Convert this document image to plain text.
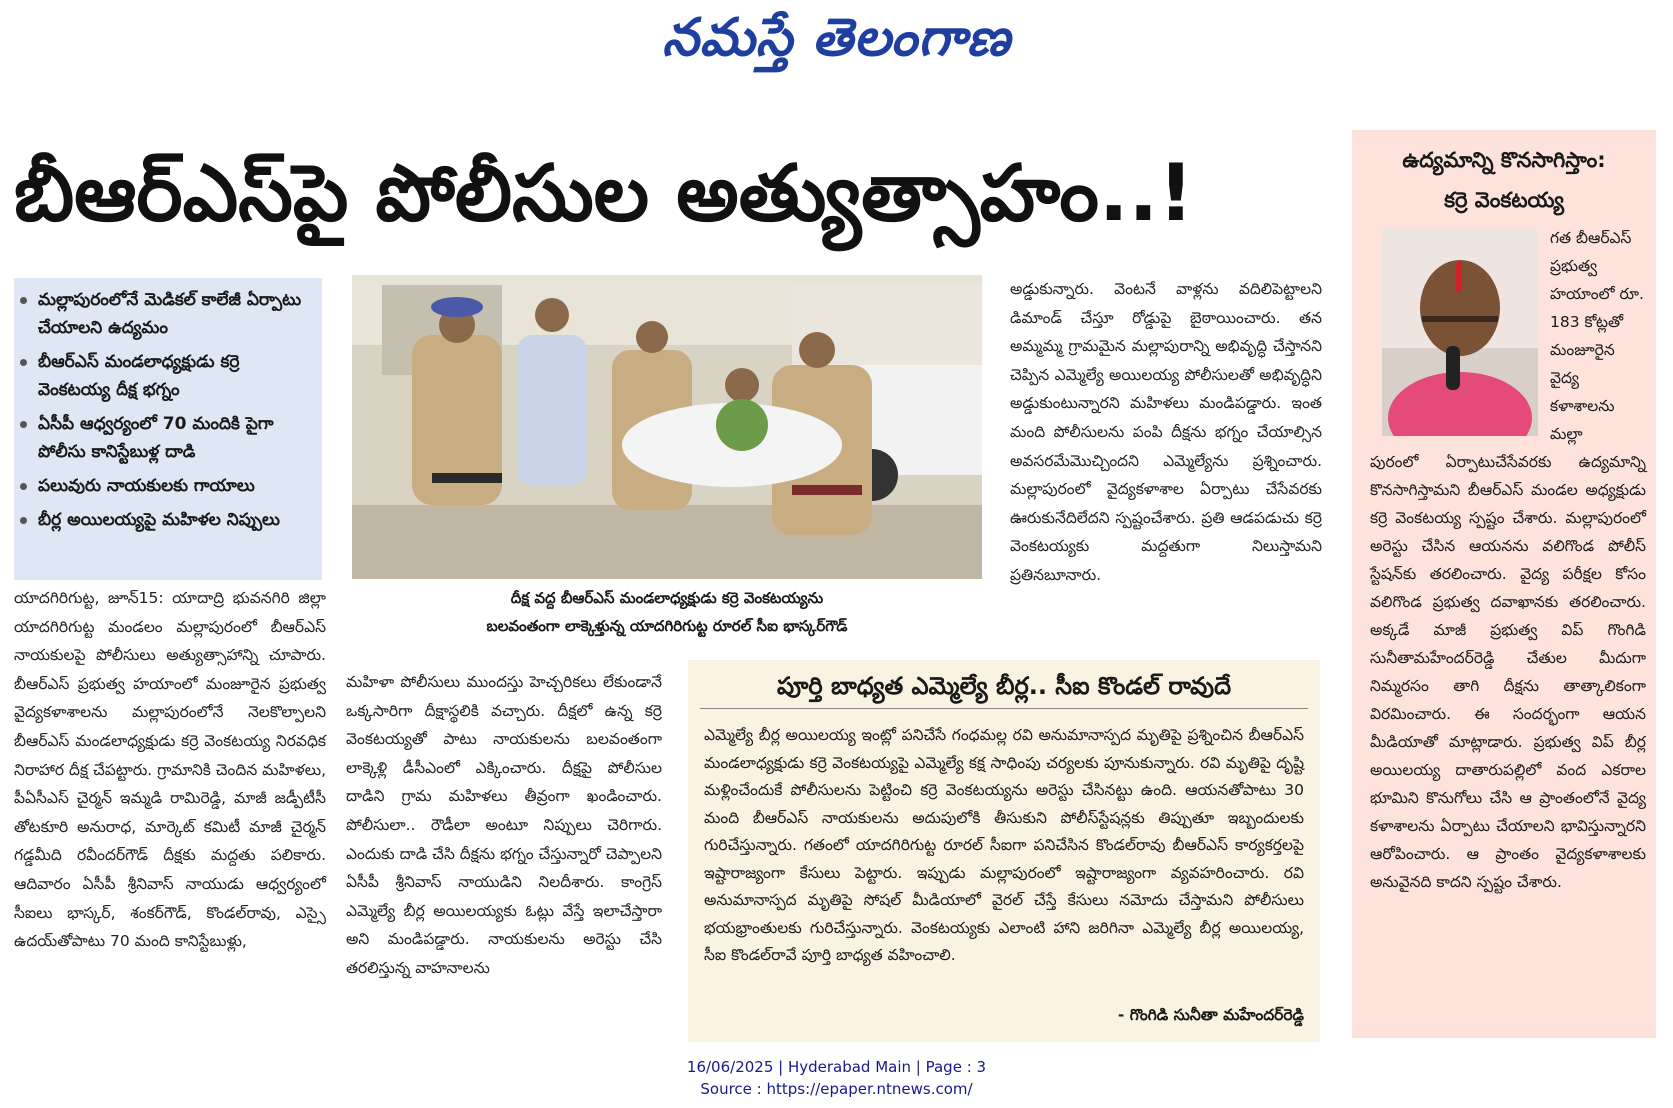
నమస్తే తెలంగాణ
బీఆర్ఎస్‌పై పోలీసుల అత్యుత్సాహం..!
మల్లాపురంలోనే మెడికల్ కాలేజీ ఏర్పాటు చేయాలని ఉద్యమం
బీఆర్ఎస్ మండలాధ్యక్షుడు కర్రె వెంకటయ్య దీక్ష భగ్నం
ఏసీపీ ఆధ్వర్యంలో 70 మందికి పైగా పోలీసు కానిస్టేబుళ్ల దాడి
పలువురు నాయకులకు గాయాలు
బీర్ల అయిలయ్యపై మహిళల నిప్పులు
దీక్ష వద్ద బీఆర్ఎస్ మండలాధ్యక్షుడు కర్రె వెంకటయ్యను
బలవంతంగా లాక్కెళ్తున్న యాదగిరిగుట్ట రూరల్ సీఐ భాస్కర్‌గౌడ్
యాదగిరిగుట్ట, జూన్15: యాదాద్రి భువనగిరి జిల్లా యాదగిరిగుట్ట మండలం మల్లాపురంలో బీఆర్ఎస్ నాయకులపై పోలీసులు అత్యుత్సాహాన్ని చూపారు. బీఆర్ఎస్ ప్రభుత్వ హయాంలో మంజూరైన ప్రభుత్వ వైద్యకళాశాలను మల్లాపురంలోనే నెలకొల్పాలని బీఆర్ఎస్ మండలాధ్యక్షుడు కర్రె వెంకటయ్య నిరవధిక నిరాహార దీక్ష చేపట్టారు. గ్రామానికి చెందిన మహిళలు, పీఏసీఎస్ చైర్మన్ ఇమ్మడి రామిరెడ్డి, మాజీ జడ్పీటీసీ తోటకూరి అనురాధ, మార్కెట్ కమిటీ మాజీ చైర్మన్ గడ్డమీది రవీందర్‌గౌడ్ దీక్షకు మద్దతు పలికారు. ఆదివారం ఏసీపీ శ్రీనివాస్ నాయుడు ఆధ్వర్యంలో సీఐలు భాస్కర్, శంకర్‌గౌడ్, కొండల్‌రావు, ఎస్సై ఉదయ్‌తోపాటు 70 మంది కానిస్టేబుళ్లు,
మహిళా పోలీసులు ముందస్తు హెచ్చరికలు లేకుండానే ఒక్కసారిగా దీక్షాస్థలికి వచ్చారు. దీక్షలో ఉన్న కర్రె వెంకటయ్యతో పాటు నాయకులను బలవంతంగా లాక్కెళ్లి డీసీఎంలో ఎక్కించారు. దీక్షపై పోలీసుల దాడిని గ్రామ మహిళలు తీవ్రంగా ఖండించారు. పోలీసులా.. రౌడీలా అంటూ నిప్పులు చెరిగారు. ఎందుకు దాడి చేసి దీక్షను భగ్నం చేస్తున్నారో చెప్పాలని ఏసీపీ శ్రీనివాస్ నాయుడిని నిలదీశారు. కాంగ్రెస్ ఎమ్మెల్యే బీర్ల అయిలయ్యకు ఓట్లు వేస్తే ఇలాచేస్తారా అని మండిపడ్డారు. నాయకులను అరెస్టు చేసి తరలిస్తున్న వాహనాలను
అడ్డుకున్నారు. వెంటనే వాళ్లను వదిలిపెట్టాలని డిమాండ్ చేస్తూ రోడ్డుపై బైఠాయించారు. తన అమ్మమ్మ గ్రామమైన మల్లాపురాన్ని అభివృద్ధి చేస్తానని చెప్పిన ఎమ్మెల్యే అయిలయ్య పోలీసులతో అభివృద్ధిని అడ్డుకుంటున్నారని మహిళలు మండిపడ్డారు. ఇంత మంది పోలీసులను పంపి దీక్షను భగ్నం చేయాల్సిన అవసరమేమొచ్చిందని ఎమ్మెల్యేను ప్రశ్నించారు. మల్లాపురంలో వైద్యకళాశాల ఏర్పాటు చేసేవరకు ఊరుకునేదిలేదని స్పష్టంచేశారు. ప్రతి ఆడపడుచు కర్రె వెంకటయ్యకు మద్దతుగా నిలుస్తామని ప్రతినబూనారు.
పూర్తి బాధ్యత ఎమ్మెల్యే బీర్ల.. సీఐ కొండల్ రావుదే
ఎమ్మెల్యే బీర్ల అయిలయ్య ఇంట్లో పనిచేసే గంధమల్ల రవి అనుమానాస్పద మృతిపై ప్రశ్నించిన బీఆర్ఎస్ మండలాధ్యక్షుడు కర్రె వెంకటయ్యపై ఎమ్మెల్యే కక్ష సాధింపు చర్యలకు పూనుకున్నారు. రవి మృతిపై దృష్టి మళ్లించేందుకే పోలీసులను పెట్టించి కర్రె వెంకటయ్యను అరెస్టు చేసినట్టు ఉంది. ఆయనతోపాటు 30 మంది బీఆర్ఎస్ నాయకులను అదుపులోకి తీసుకుని పోలీస్‌స్టేషన్లకు తిప్పుతూ ఇబ్బందులకు గురిచేస్తున్నారు. గతంలో యాదగిరిగుట్ట రూరల్ సీఐగా పనిచేసిన కొండల్‌రావు బీఆర్ఎస్ కార్యకర్తలపై ఇష్టారాజ్యంగా కేసులు పెట్టారు. ఇప్పుడు మల్లాపురంలో ఇష్టారాజ్యంగా వ్యవహరించారు. రవి అనుమానాస్పద మృతిపై సోషల్ మీడియాలో వైరల్ చేస్తే కేసులు నమోదు చేస్తామని పోలీసులు భయభ్రాంతులకు గురిచేస్తున్నారు. వెంకటయ్యకు ఎలాంటి హాని జరిగినా ఎమ్మెల్యే బీర్ల అయిలయ్య, సీఐ కొండల్‌రావే పూర్తి బాధ్యత వహించాలి.
- గొంగిడి సునీతా మహేందర్‌రెడ్డి
ఉద్యమాన్ని కొనసాగిస్తాం:
కర్రె వెంకటయ్య
గత బీఆర్ఎస్ ప్రభుత్వ హయాంలో రూ. 183 కోట్లతో మంజూరైన వైద్య కళాశాలను మల్లా
పురంలో ఏర్పాటుచేసేవరకు ఉద్యమాన్ని కొనసాగిస్తామని బీఆర్ఎస్ మండల అధ్యక్షుడు కర్రె వెంకటయ్య స్పష్టం చేశారు. మల్లాపురంలో అరెస్టు చేసిన ఆయనను వలిగొండ పోలీస్ స్టేషన్‌కు తరలించారు. వైద్య పరీక్షల కోసం వలిగొండ ప్రభుత్వ దవాఖానకు తరలించారు. అక్కడే మాజీ ప్రభుత్వ విప్ గొంగిడి సునీతామహేందర్‌రెడ్డి చేతుల మీదుగా నిమ్మరసం తాగి దీక్షను తాత్కాలికంగా విరమించారు. ఈ సందర్భంగా ఆయన మీడియాతో మాట్లాడారు. ప్రభుత్వ విప్ బీర్ల అయిలయ్య దాతారుపల్లిలో వంద ఎకరాల భూమిని కొనుగోలు చేసి ఆ ప్రాంతంలోనే వైద్య కళాశాలను ఏర్పాటు చేయాలని భావిస్తున్నారని ఆరోపించారు. ఆ ప్రాంతం వైద్యకళాశాలకు అనువైనది కాదని స్పష్టం చేశారు.
16/06/2025 | Hyderabad Main | Page : 3
Source : https://epaper.ntnews.com/
